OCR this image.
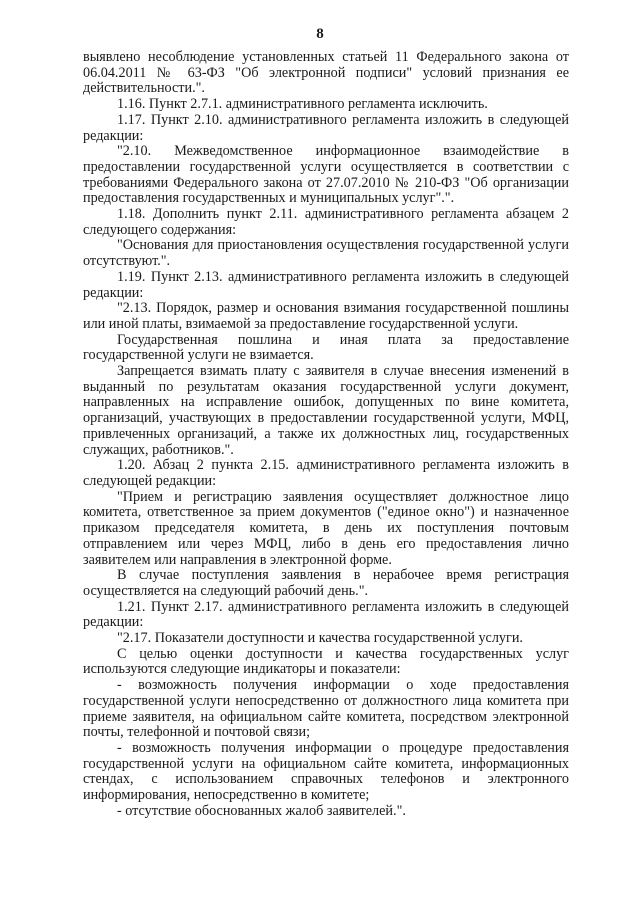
8

выявлено несоблюдение установленных статьей 11 Федерального закона от 06.04.2011 № 63-ФЗ "Об электронной подписи" условий признания ее действительности.".

1.16. Пункт 2.7.1. административного регламента исключить.

1.17. Пункт 2.10. административного регламента изложить в следующей редакции:

"2.10. Межведомственное информационное взаимодействие в предоставлении государственной услуги осуществляется в соответствии с требованиями Федерального закона от 27.07.2010 № 210-ФЗ "Об организации предоставления государственных и муниципальных услуг".".

1.18. Дополнить пункт 2.11. административного регламента абзацем 2 следующего содержания:

"Основания для приостановления осуществления государственной услуги отсутствуют.".

1.19. Пункт 2.13. административного регламента изложить в следующей редакции:

"2.13. Порядок, размер и основания взимания государственной пошлины или иной платы, взимаемой за предоставление государственной услуги.

Государственная пошлина и иная плата за предоставление государственной услуги не взимается.

Запрещается взимать плату с заявителя в случае внесения изменений в выданный по результатам оказания государственной услуги документ, направленных на исправление ошибок, допущенных по вине комитета, организаций, участвующих в предоставлении государственной услуги, МФЦ, привлеченных организаций, а также их должностных лиц, государственных служащих, работников.".

1.20. Абзац 2 пункта 2.15. административного регламента изложить в следующей редакции:

"Прием и регистрацию заявления осуществляет должностное лицо комитета, ответственное за прием документов ("единое окно") и назначенное приказом председателя комитета, в день их поступления почтовым отправлением или через МФЦ, либо в день его предоставления лично заявителем или направления в электронной форме.

В случае поступления заявления в нерабочее время регистрация осуществляется на следующий рабочий день.".

1.21. Пункт 2.17. административного регламента изложить в следующей редакции:

"2.17. Показатели доступности и качества государственной услуги.

С целью оценки доступности и качества государственных услуг используются следующие индикаторы и показатели:

- возможность получения информации о ходе предоставления государственной услуги непосредственно от должностного лица комитета при приеме заявителя, на официальном сайте комитета, посредством электронной почты, телефонной и почтовой связи;

- возможность получения информации о процедуре предоставления государственной услуги на официальном сайте комитета, информационных стендах, с использованием справочных телефонов и электронного информирования, непосредственно в комитете;

- отсутствие обоснованных жалоб заявителей.".
